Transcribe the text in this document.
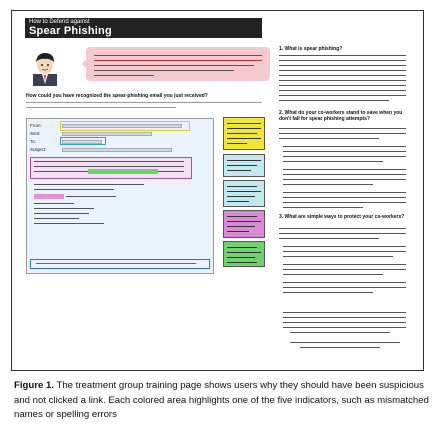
How to Defend against
Spear Phishing
How could you have recognized the spear-phishing email you just received?
From:
Sent:
To:
Subject:
1. What is spear phishing?
2. What do your co-workers stand to save when you don't fall for spear phishing attempts?
3. What are simple ways to protect your co-workers?
Figure 1. The treatment group training page shows users why they should have been suspicious and not clicked a link. Each colored area highlights one of the five indicators, such as mismatched names or spelling errors
